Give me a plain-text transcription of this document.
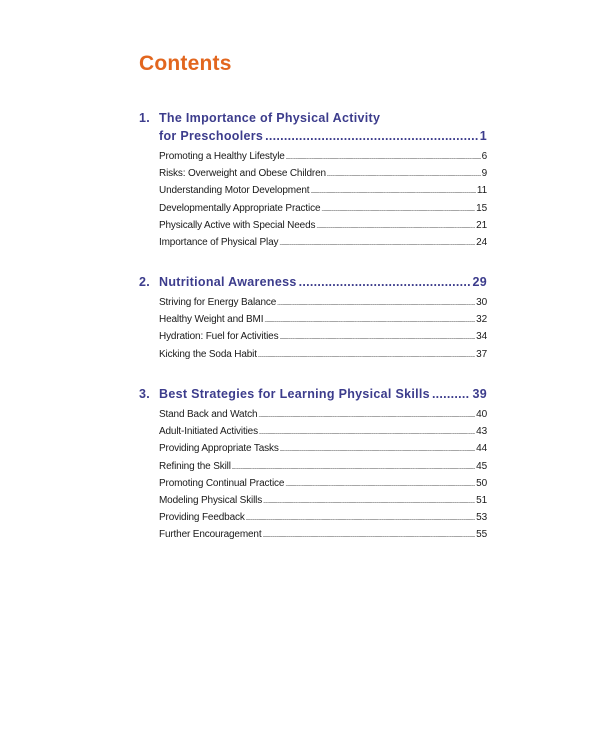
Contents
1. The Importance of Physical Activity
for Preschoolers . . .	1
Promoting a Healthy Lifestyle .....	6
Risks: Overweight and Obese Children .....	9
Understanding Motor Development .....	11
Developmentally Appropriate Practice .....	15
Physically Active with Special Needs .....	21
Importance of Physical Play .....	24
2. Nutritional Awareness . . .	29
Striving for Energy Balance .....	30
Healthy Weight and BMI .....	32
Hydration: Fuel for Activities .....	34
Kicking the Soda Habit .....	37
3. Best Strategies for Learning Physical Skills . . .	39
Stand Back and Watch .....	40
Adult-Initiated Activities .....	43
Providing Appropriate Tasks .....	44
Refining the Skill .....	45
Promoting Continual Practice .....	50
Modeling Physical Skills .....	51
Providing Feedback .....	53
Further Encouragement .....	55
